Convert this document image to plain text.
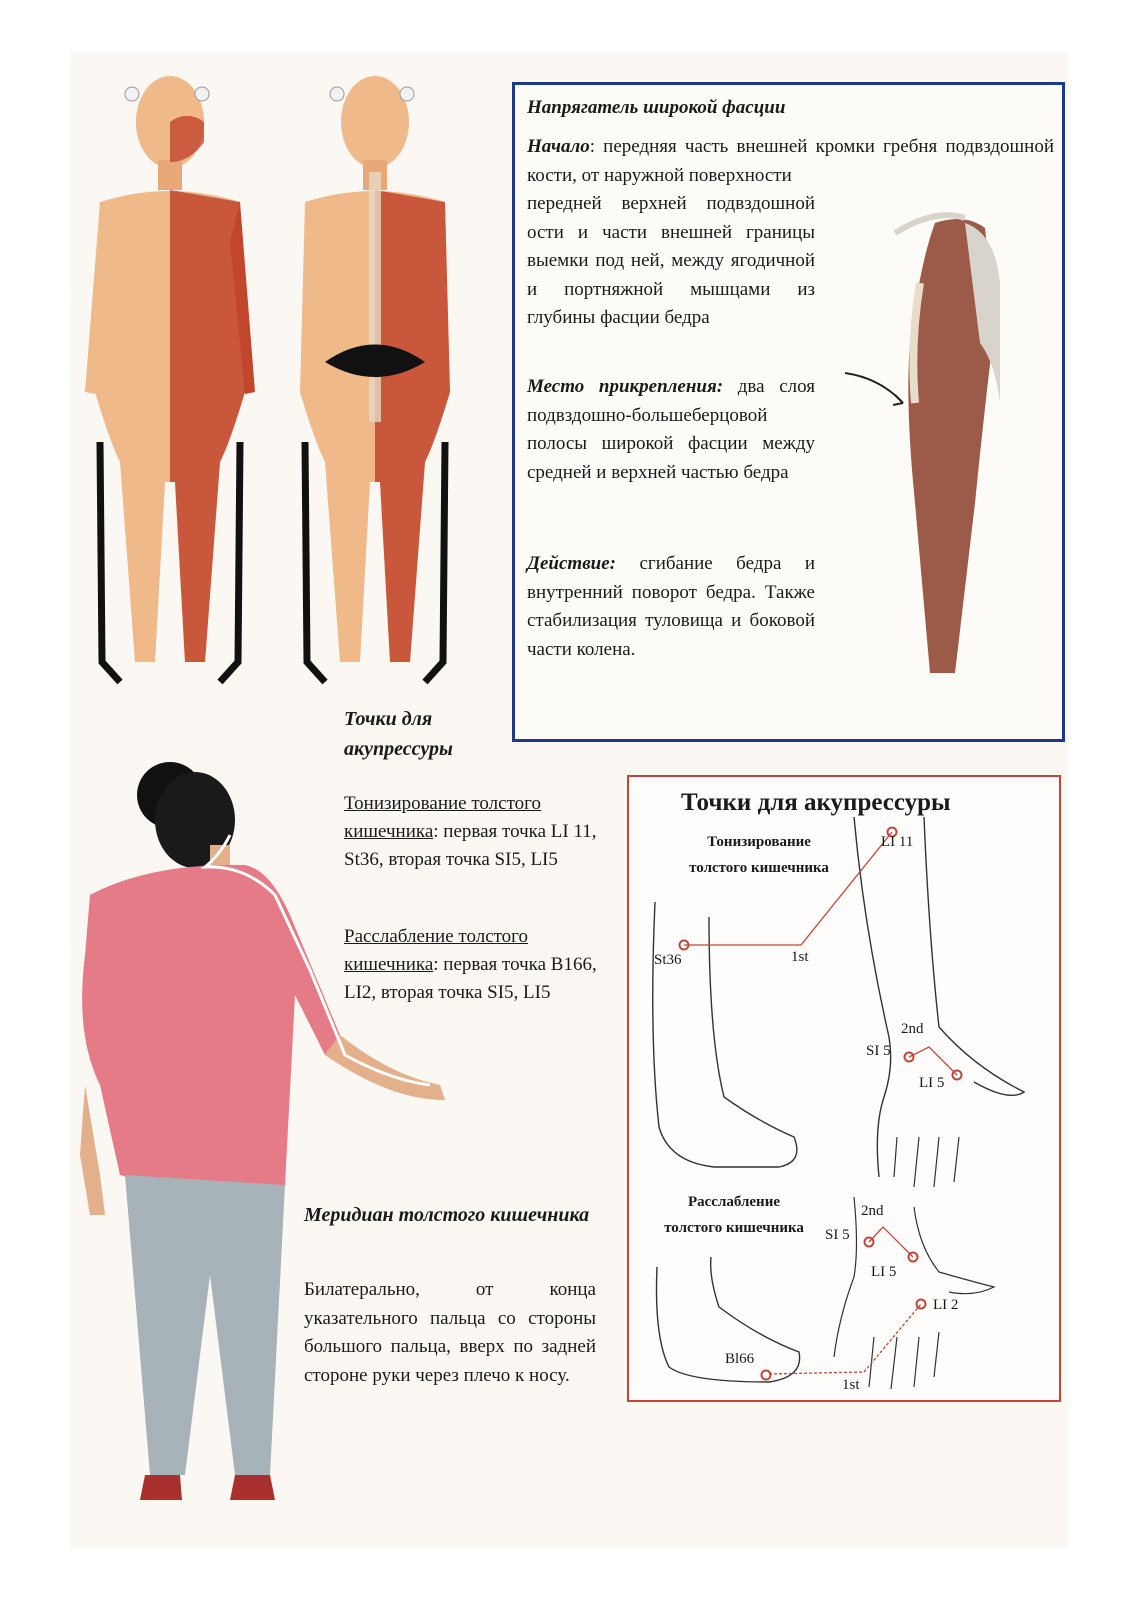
Напрягатель широкой фасции
Начало: передняя часть внешней кромки гребня подвздошной кости, от наружной поверхности
передней верхней подвздошной ости и части внешней границы выемки под ней, между ягодичной и портняжной мышцами из глубины фасции бедра
Место прикрепления: два слоя подвздошно-большеберцовой полосы широкой фасции между средней и верхней частью бедра
Действие: сгибание бедра и внутренний поворот бедра. Также стабилизация туловища и боковой части колена.
Точки для акупрессуры
Тонизирование толстого кишечника: первая точка LI 11, St36, вторая точка SI5, LI5
Расслабление толстого кишечника: первая точка B166, LI2, вторая точка SI5, LI5
Меридиан толстого кишечника
Билатерально, от конца указательного пальца со стороны большого пальца, вверх по задней стороне руки через плечо к носу.
Точки для акупрессуры
Тонизирование толстого кишечника
Расслабление толстого кишечника
LI 11
St36	1st
2nd
SI 5
LI 5
2nd
SI 5
LI 5
LI 2
Bl66
1st
